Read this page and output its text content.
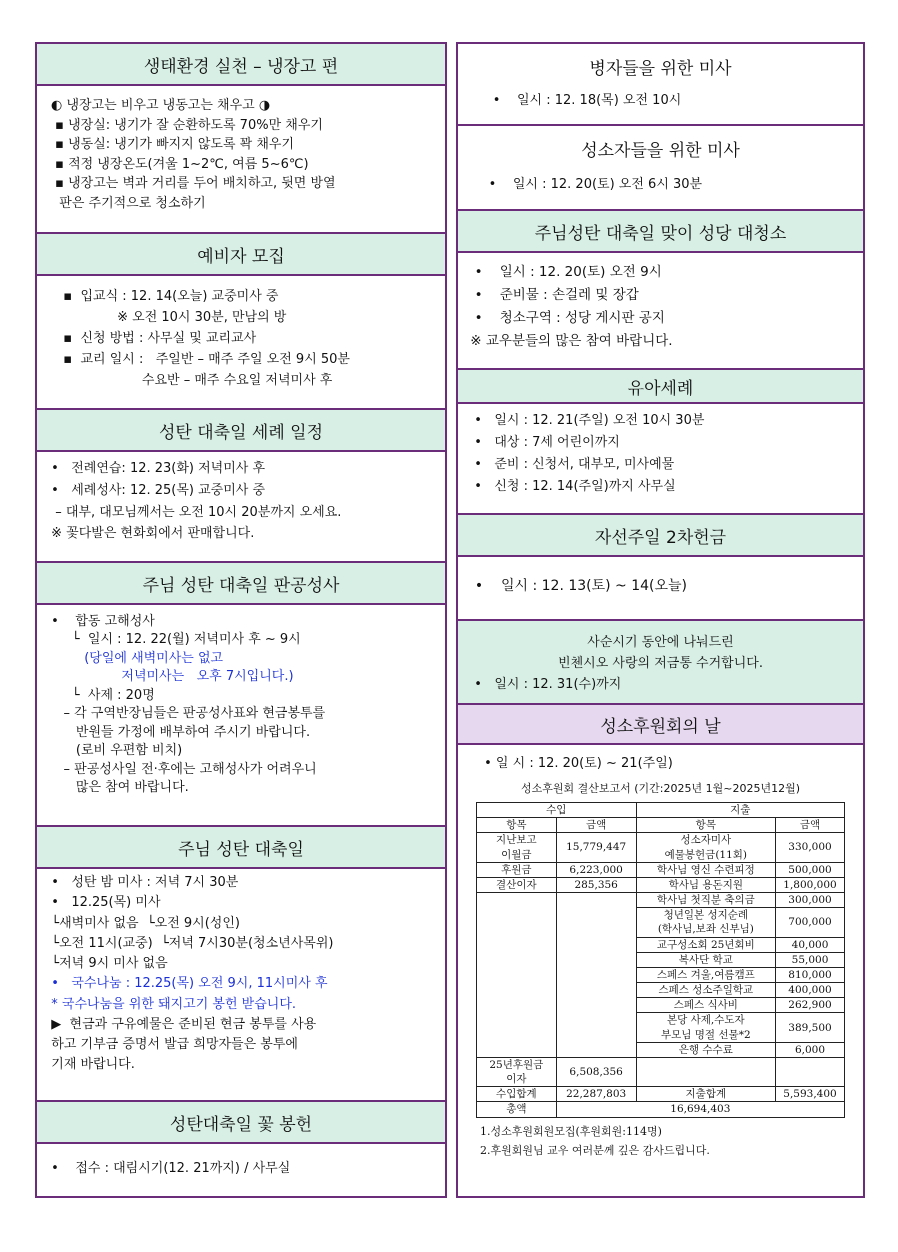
생태환경 실천 – 냉장고 편
◐ 냉장고는 비우고 냉동고는 채우고 ◑
▪ 냉장실: 냉기가 잘 순환하도록 70%만 채우기
▪ 냉동실: 냉기가 빠지지 않도록 꽉 채우기
▪ 적정 냉장온도(겨울 1~2℃, 여름 5~6℃)
▪ 냉장고는 벽과 거리를 두어 배치하고, 뒷면 방열
판은 주기적으로 청소하기
예비자 모집
▪  입교식 : 12. 14(오늘) 교중미사 중
※ 오전 10시 30분, 만남의 방
▪  신청 방법 : 사무실 및 교리교사
▪  교리 일시 :   주일반 – 매주 주일 오전 9시 50분
수요반 – 매주 수요일 저녁미사 후
성탄 대축일 세례 일정
•   전례연습: 12. 23(화) 저녁미사 후
•   세례성사: 12. 25(목) 교중미사 중
– 대부, 대모님께서는 오전 10시 20분까지 오세요.
※ 꽃다발은 현화회에서 판매합니다.
주님 성탄 대축일 판공성사
•    합동 고해성사
└  일시 : 12. 22(월) 저녁미사 후 ~ 9시
(당일에 새벽미사는 없고
저녁미사는   오후 7시입니다.)
└  사제 : 20명
– 각 구역반장님들은 판공성사표와 현금봉투를
반원들 가정에 배부하여 주시기 바랍니다.
(로비 우편함 비치)
– 판공성사일 전·후에는 고해성사가 어려우니
많은 참여 바랍니다.
주님 성탄 대축일
•   성탄 밤 미사 : 저녁 7시 30분
•   12.25(목) 미사
└새벽미사 없음  └오전 9시(성인)
└오전 11시(교중)  └저녁 7시30분(청소년사목위)
└저녁 9시 미사 없음
•   국수나눔 : 12.25(목) 오전 9시, 11시미사 후
* 국수나눔을 위한 돼지고기 봉헌 받습니다.
▶  현금과 구유예물은 준비된 현금 봉투를 사용
하고 기부금 증명서 발급 희망자들은 봉투에
기재 바랍니다.
성탄대축일 꽃 봉헌
•    접수 : 대림시기(12. 21까지) / 사무실
병자들을 위한 미사
•    일시 : 12. 18(목) 오전 10시
성소자들을 위한 미사
•    일시 : 12. 20(토) 오전 6시 30분
주님성탄 대축일 맞이 성당 대청소
•    일시 : 12. 20(토) 오전 9시
•    준비물 : 손걸레 및 장갑
•    청소구역 : 성당 게시판 공지
※ 교우분들의 많은 참여 바랍니다.
유아세례
•   일시 : 12. 21(주일) 오전 10시 30분
•   대상 : 7세 어린이까지
•   준비 : 신청서, 대부모, 미사예물
•   신청 : 12. 14(주일)까지 사무실
자선주일 2차헌금
•    일시 : 12. 13(토) ~ 14(오늘)
사순시기 동안에 나눠드린
빈첸시오 사랑의 저금통 수거합니다.
•   일시 : 12. 31(수)까지
성소후원회의 날
• 일 시 : 12. 20(토) ~ 21(주일)
성소후원회 결산보고서 (기간:2025년 1월~2025년12월)
수입		지출	
항목	금액	항목	금액
지난보고
이월금	15,779,447	성소자미사
예물봉헌금(11회)	330,000
후원금	6,223,000	학사님 영신 수련피정	500,000
결산이자	285,356	학사님 용돈지원	1,800,000
		학사님 첫직분 축의금	300,000
		청년일본 성지순례
(학사님,보좌 신부님)	700,000
		교구성소회 25년회비	40,000
		복사단 학교	55,000
		스페스 겨울,여름캠프	810,000
		스페스 성소주일학교	400,000
		스페스 식사비	262,900
		본당 사제,수도자
부모님 명절 선물*2	389,500
		은행 수수료	6,000
25년후원금
이자	6,508,356		
수입합계	22,287,803	지출합계	5,593,400
총액	16,694,403		
1.성소후원회원모집(후원회원:114명)
2.후원회원님 교우 여러분께 깊은 감사드립니다.
